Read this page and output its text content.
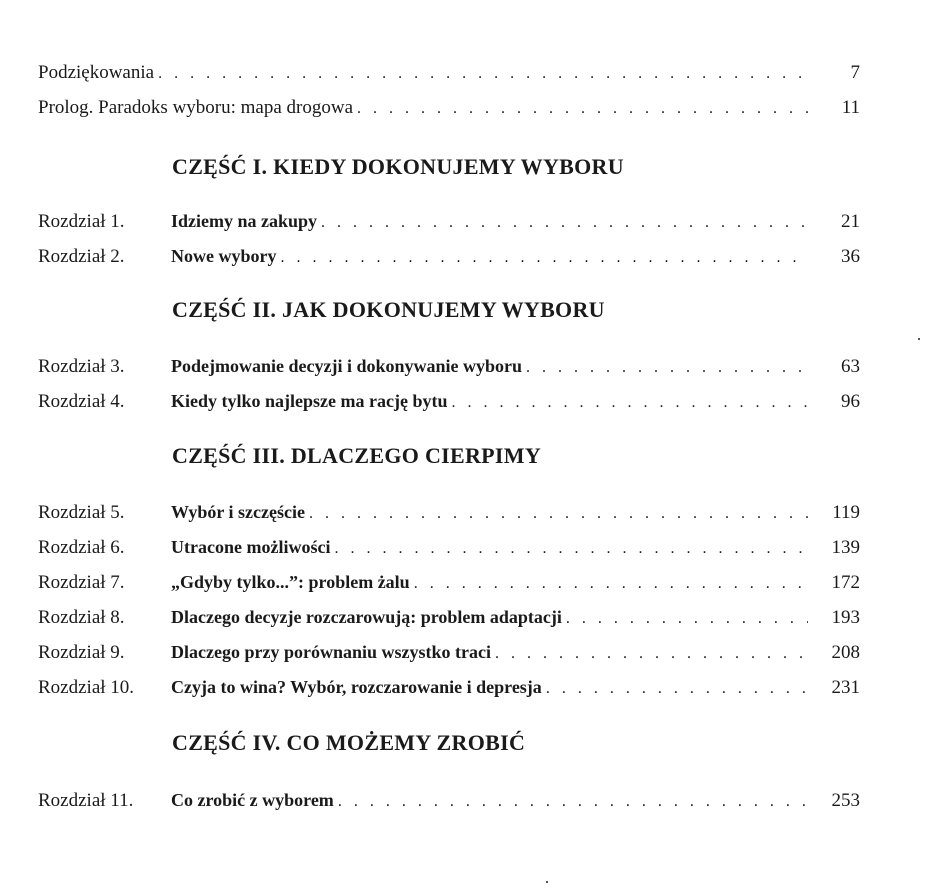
Podziękowania . . .	7
Prolog. Paradoks wyboru: mapa drogowa . . .	11
CZĘŚĆ I. KIEDY DOKONUJEMY WYBORU
Rozdział 1.	Idziemy na zakupy . . .	21
Rozdział 2.	Nowe wybory . . .	36
CZĘŚĆ II. JAK DOKONUJEMY WYBORU
Rozdział 3.	Podejmowanie decyzji i dokonywanie wyboru . . .	63
Rozdział 4.	Kiedy tylko najlepsze ma rację bytu . . .	96
CZĘŚĆ III. DLACZEGO CIERPIMY
Rozdział 5.	Wybór i szczęście . . .	119
Rozdział 6.	Utracone możliwości . . .	139
Rozdział 7.	„Gdyby tylko...”: problem żalu . . .	172
Rozdział 8.	Dlaczego decyzje rozczarowują: problem adaptacji . . .	193
Rozdział 9.	Dlaczego przy porównaniu wszystko traci . . .	208
Rozdział 10.	Czyja to wina? Wybór, rozczarowanie i depresja . . .	231
CZĘŚĆ IV. CO MOŻEMY ZROBIĆ
Rozdział 11.	Co zrobić z wyborem . . .	253
